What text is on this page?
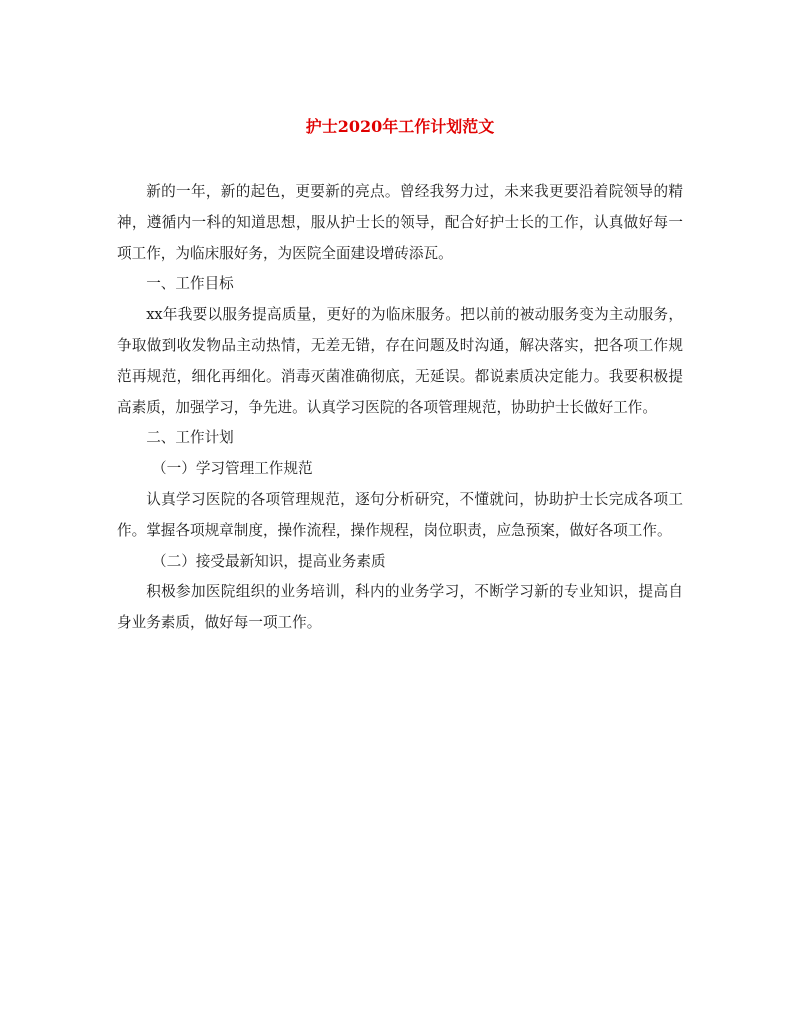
护士2020年工作计划范文

新的一年，新的起色，更要新的亮点。曾经我努力过，未来我更要沿着院领导的精神，遵循内一科的知道思想，服从护士长的领导，配合好护士长的工作，认真做好每一项工作，为临床服好务，为医院全面建设增砖添瓦。

一、工作目标

xx年我要以服务提高质量，更好的为临床服务。把以前的被动服务变为主动服务，争取做到收发物品主动热情，无差无错，存在问题及时沟通，解决落实，把各项工作规范再规范，细化再细化。消毒灭菌准确彻底，无延误。都说素质决定能力。我要积极提高素质，加强学习，争先进。认真学习医院的各项管理规范，协助护士长做好工作。

二、工作计划

（一）学习管理工作规范

认真学习医院的各项管理规范，逐句分析研究，不懂就问，协助护士长完成各项工作。掌握各项规章制度，操作流程，操作规程，岗位职责，应急预案，做好各项工作。

（二）接受最新知识，提高业务素质

积极参加医院组织的业务培训，科内的业务学习，不断学习新的专业知识，提高自身业务素质，做好每一项工作。
